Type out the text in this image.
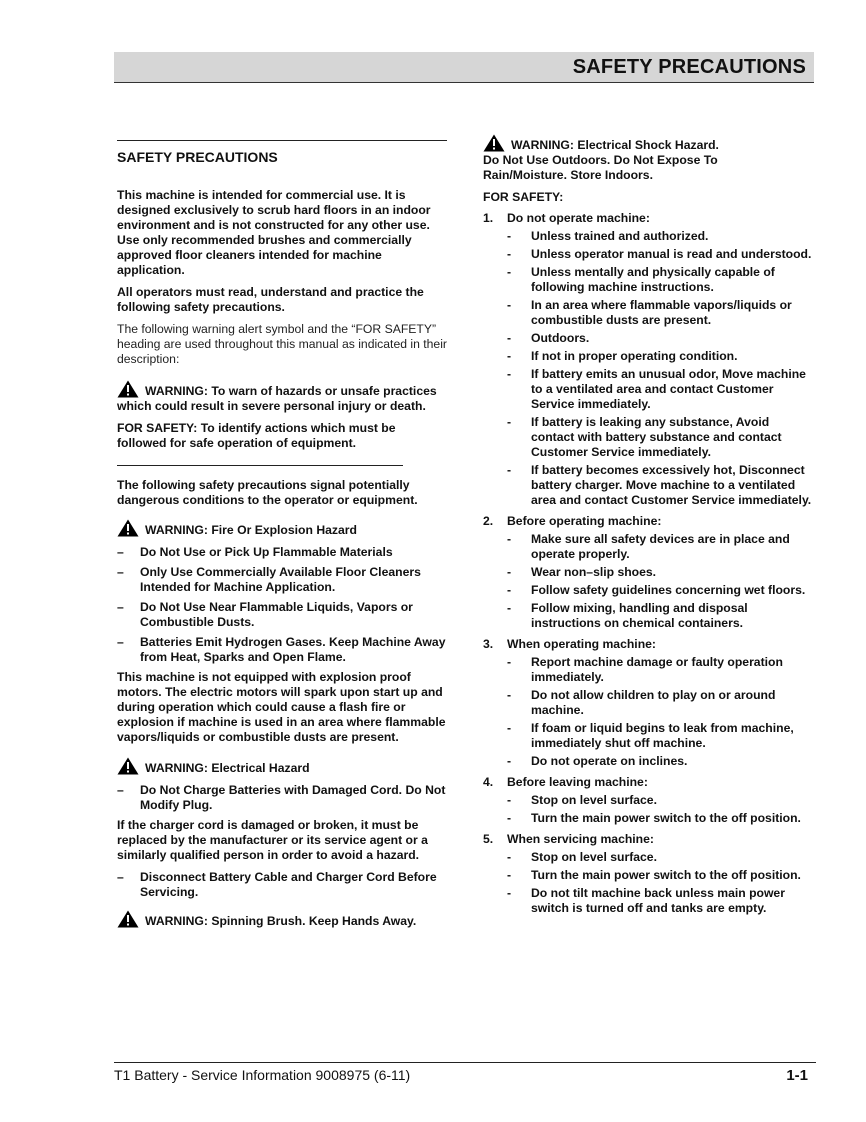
SAFETY PRECAUTIONS
SAFETY PRECAUTIONS

This machine is intended for commercial use. It is designed exclusively to scrub hard floors in an indoor environment and is not constructed for any other use. Use only recommended brushes and commercially approved floor cleaners intended for machine application.

All operators must read, understand and practice the following safety precautions.

The following warning alert symbol and the “FOR SAFETY” heading are used throughout this manual as indicated in their description:

WARNING: To warn of hazards or unsafe practices which could result in severe personal injury or death.

FOR SAFETY: To identify actions which must be followed for safe operation of equipment.

The following safety precautions signal potentially dangerous conditions to the operator or equipment.

WARNING: Fire Or Explosion Hazard
–	Do Not Use or Pick Up Flammable Materials
–	Only Use Commercially Available Floor Cleaners Intended for Machine Application.
–	Do Not Use Near Flammable Liquids, Vapors or Combustible Dusts.
–	Batteries Emit Hydrogen Gases. Keep Machine Away from Heat, Sparks and Open Flame.

This machine is not equipped with explosion proof motors. The electric motors will spark upon start up and during operation which could cause a flash fire or explosion if machine is used in an area where flammable vapors/liquids or combustible dusts are present.

WARNING: Electrical Hazard
–	Do Not Charge Batteries with Damaged Cord. Do Not Modify Plug.

If the charger cord is damaged or broken, it must be replaced by the manufacturer or its service agent or a similarly qualified person in order to avoid a hazard.

–	Disconnect Battery Cable and Charger Cord Before Servicing.
WARNING: Spinning Brush. Keep Hands Away.
WARNING: Electrical Shock Hazard. Do Not Use Outdoors. Do Not Expose To Rain/Moisture. Store Indoors.
FOR SAFETY:
1.	Do not operate machine:
-	Unless trained and authorized.
-	Unless operator manual is read and understood.
-	Unless mentally and physically capable of following machine instructions.
-	In an area where flammable vapors/liquids or combustible dusts are present.
-	Outdoors.
-	If not in proper operating condition.
-	If battery emits an unusual odor, Move machine to a ventilated area and contact Customer Service immediately.
-	If battery is leaking any substance, Avoid contact with battery substance and contact Customer Service immediately.
-	If battery becomes excessively hot, Disconnect battery charger. Move machine to a ventilated area and contact Customer Service immediately.
2.	Before operating machine:
-	Make sure all safety devices are in place and operate properly.
-	Wear non–slip shoes.
-	Follow safety guidelines concerning wet floors.
-	Follow mixing, handling and disposal instructions on chemical containers.
3.	When operating machine:
-	Report machine damage or faulty operation immediately.
-	Do not allow children to play on or around machine.
-	If foam or liquid begins to leak from machine, immediately shut off machine.
-	Do not operate on inclines.
4.	Before leaving machine:
-	Stop on level surface.
-	Turn the main power switch to the off position.
5.	When servicing machine:
-	Stop on level surface.
-	Turn the main power switch to the off position.
-	Do not tilt machine back unless main power switch is turned off and tanks are empty.
T1 Battery - Service Information 9008975 (6-11)	1-1
